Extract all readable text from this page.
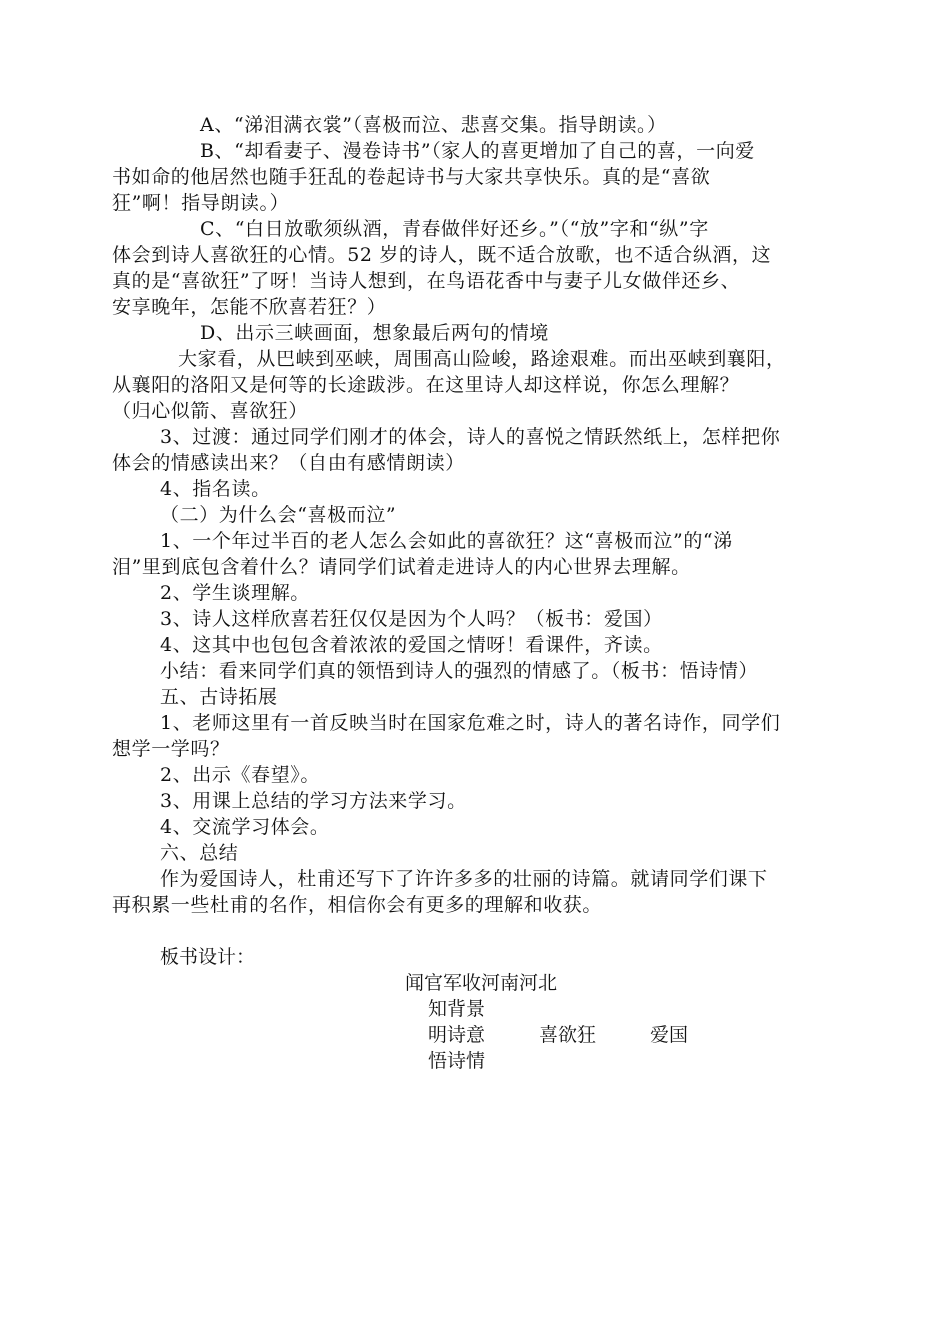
A、“涕泪满衣裳”（喜极而泣、悲喜交集。指导朗读。）

B、“却看妻子、漫卷诗书”（家人的喜更增加了自己的喜，一向爱

书如命的他居然也随手狂乱的卷起诗书与大家共享快乐。真的是“喜欲

狂”啊！指导朗读。）

C、“白日放歌须纵酒，青春做伴好还乡。”（“放”字和“纵”字

体会到诗人喜欲狂的心情。52 岁的诗人，既不适合放歌，也不适合纵酒，这

真的是“喜欲狂”了呀！当诗人想到，在鸟语花香中与妻子儿女做伴还乡、

安享晚年，怎能不欣喜若狂？）

D、出示三峡画面，想象最后两句的情境

大家看，从巴峡到巫峡，周围高山险峻，路途艰难。而出巫峡到襄阳，

从襄阳的洛阳又是何等的长途跋涉。在这里诗人却这样说，你怎么理解？

（归心似箭、喜欲狂）

3、过渡：通过同学们刚才的体会，诗人的喜悦之情跃然纸上，怎样把你

体会的情感读出来？（自由有感情朗读）

4、指名读。

（二）为什么会“喜极而泣”

1、一个年过半百的老人怎么会如此的喜欲狂？这“喜极而泣”的“涕

泪”里到底包含着什么？请同学们试着走进诗人的内心世界去理解。

2、学生谈理解。

3、诗人这样欣喜若狂仅仅是因为个人吗？（板书：爱国）

4、这其中也包包含着浓浓的爱国之情呀！看课件，齐读。

小结：看来同学们真的领悟到诗人的强烈的情感了。（板书：悟诗情）

五、古诗拓展

1、老师这里有一首反映当时在国家危难之时，诗人的著名诗作，同学们

想学一学吗？

2、出示《春望》。

3、用课上总结的学习方法来学习。

4、交流学习体会。

六、总结

作为爱国诗人，杜甫还写下了许许多多的壮丽的诗篇。就请同学们课下

再积累一些杜甫的名作，相信你会有更多的理解和收获。

板书设计：

闻官军收河南河北

知背景

明诗意	喜欲狂	爱国

悟诗情
